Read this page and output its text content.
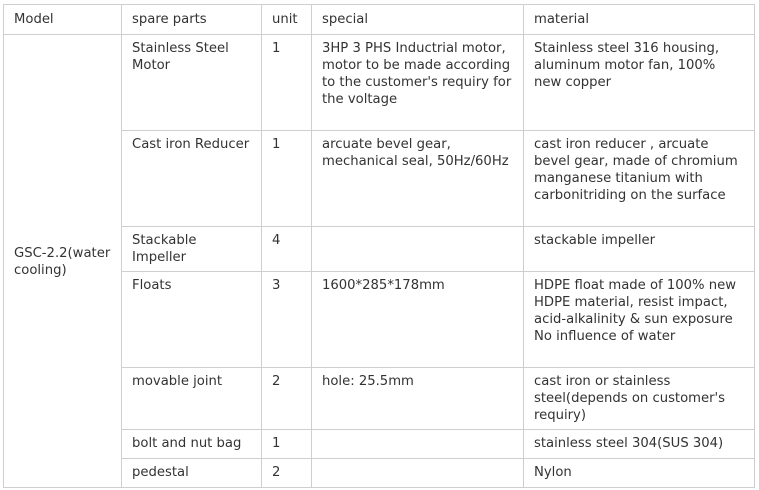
Model	spare parts	unit	special	material
GSC-2.2(water cooling)	Stainless Steel Motor	1	3HP 3 PHS Inductrial motor, motor to be made according to the customer's requiry for the voltage	Stainless steel 316 housing, aluminum motor fan, 100% new copper
	Cast iron Reducer	1	arcuate bevel gear, mechanical seal, 50Hz/60Hz	cast iron reducer , arcuate bevel gear, made of chromium manganese titanium with carbonitriding on the surface
	Stackable Impeller	4		stackable impeller
	Floats	3	1600*285*178mm	HDPE float made of 100% new HDPE material, resist impact, acid-alkalinity & sun exposure No influence of water
	movable joint	2	hole: 25.5mm	cast iron or stainless steel(depends on customer's requiry)
	bolt and nut bag	1		stainless steel 304(SUS 304)
	pedestal	2		Nylon
